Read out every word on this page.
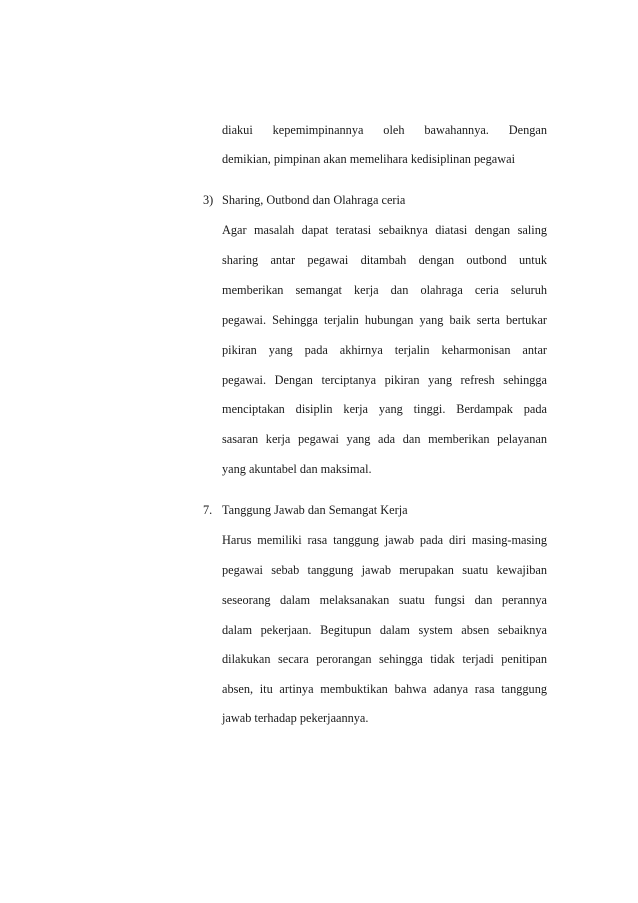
diakui kepemimpinannya oleh bawahannya. Dengan
demikian, pimpinan akan memelihara kedisiplinan pegawai
3) Sharing, Outbond dan Olahraga ceria
Agar masalah dapat teratasi sebaiknya diatasi dengan saling
sharing antar pegawai ditambah dengan outbond untuk
memberikan semangat kerja dan olahraga ceria seluruh
pegawai. Sehingga terjalin hubungan yang baik serta bertukar
pikiran yang pada akhirnya terjalin keharmonisan antar
pegawai. Dengan terciptanya pikiran yang refresh sehingga
menciptakan disiplin kerja yang tinggi. Berdampak pada
sasaran kerja pegawai yang ada dan memberikan pelayanan
yang akuntabel dan maksimal.
7. Tanggung Jawab dan Semangat Kerja
Harus memiliki rasa tanggung jawab pada diri masing-masing
pegawai sebab tanggung jawab merupakan suatu kewajiban
seseorang dalam melaksanakan suatu fungsi dan perannya
dalam pekerjaan. Begitupun dalam system absen sebaiknya
dilakukan secara perorangan sehingga tidak terjadi penitipan
absen, itu artinya membuktikan bahwa adanya rasa tanggung
jawab terhadap pekerjaannya.
